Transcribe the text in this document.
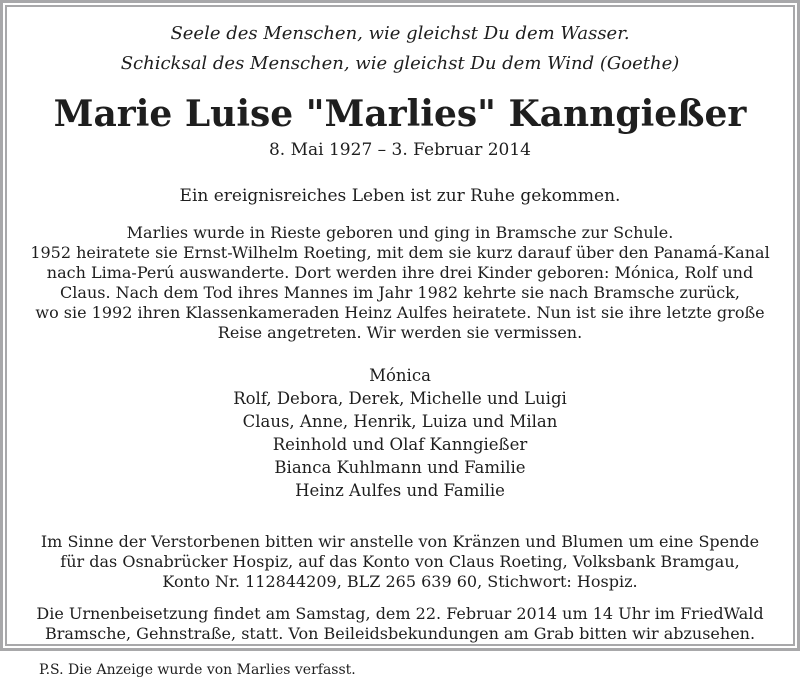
Seele des Menschen, wie gleichst Du dem Wasser.
Schicksal des Menschen, wie gleichst Du dem Wind (Goethe)
Marie Luise "Marlies" Kanngießer
8. Mai 1927 – 3. Februar 2014
Ein ereignisreiches Leben ist zur Ruhe gekommen.
Marlies wurde in Rieste geboren und ging in Bramsche zur Schule.
1952 heiratete sie Ernst-Wilhelm Roeting, mit dem sie kurz darauf über den Panamá-Kanal
nach Lima-Perú auswanderte. Dort werden ihre drei Kinder geboren: Mónica, Rolf und
Claus. Nach dem Tod ihres Mannes im Jahr 1982 kehrte sie nach Bramsche zurück,
wo sie 1992 ihren Klassenkameraden Heinz Aulfes heiratete. Nun ist sie ihre letzte große
Reise angetreten. Wir werden sie vermissen.
Mónica
Rolf, Debora, Derek, Michelle und Luigi
Claus, Anne, Henrik, Luiza und Milan
Reinhold und Olaf Kanngießer
Bianca Kuhlmann und Familie
Heinz Aulfes und Familie
Im Sinne der Verstorbenen bitten wir anstelle von Kränzen und Blumen um eine Spende
für das Osnabrücker Hospiz, auf das Konto von Claus Roeting, Volksbank Bramgau,
Konto Nr. 112844209, BLZ 265 639 60, Stichwort: Hospiz.
Die Urnenbeisetzung findet am Samstag, dem 22. Februar 2014 um 14 Uhr im FriedWald
Bramsche, Gehnstraße, statt. Von Beileidsbekundungen am Grab bitten wir abzusehen.
P.S. Die Anzeige wurde von Marlies verfasst.
